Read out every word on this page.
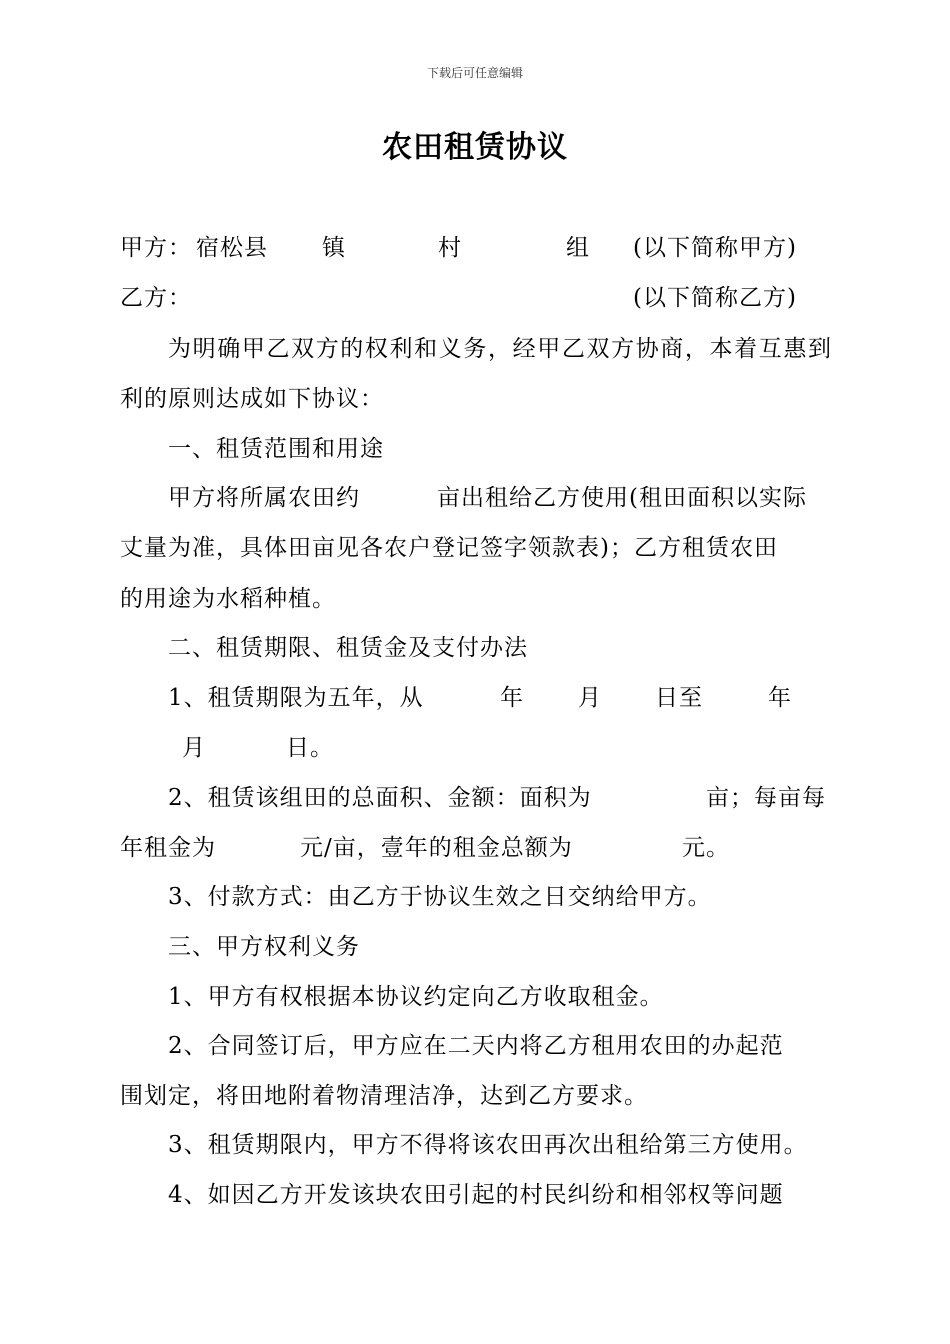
下载后可任意编辑
农田租赁协议
甲方： 宿松县 镇	村	组 (以下简称甲方)
乙方：	(以下简称乙方)
为明确甲乙双方的权利和义务，经甲乙双方协商，本着互惠到利的原则达成如下协议：
一、租赁范围和用途
甲方将所属农田约	亩出租给乙方使用(租田面积以实际
丈量为准，具体田亩见各农户登记签字领款表)；乙方租赁农田
的用途为水稻种植。
二、租赁期限、租赁金及支付办法
1、租赁期限为五年，从	年 月 日至	年
月	日。
2、租赁该组田的总面积、金额：面积为	亩；每亩每
年租金为	元/亩，壹年的租金总额为	元。
3、付款方式：由乙方于协议生效之日交纳给甲方。
三、甲方权利义务
1、甲方有权根据本协议约定向乙方收取租金。
2、合同签订后，甲方应在二天内将乙方租用农田的办起范
围划定，将田地附着物清理洁净，达到乙方要求。
3、租赁期限内，甲方不得将该农田再次出租给第三方使用。
4、如因乙方开发该块农田引起的村民纠纷和相邻权等问题
